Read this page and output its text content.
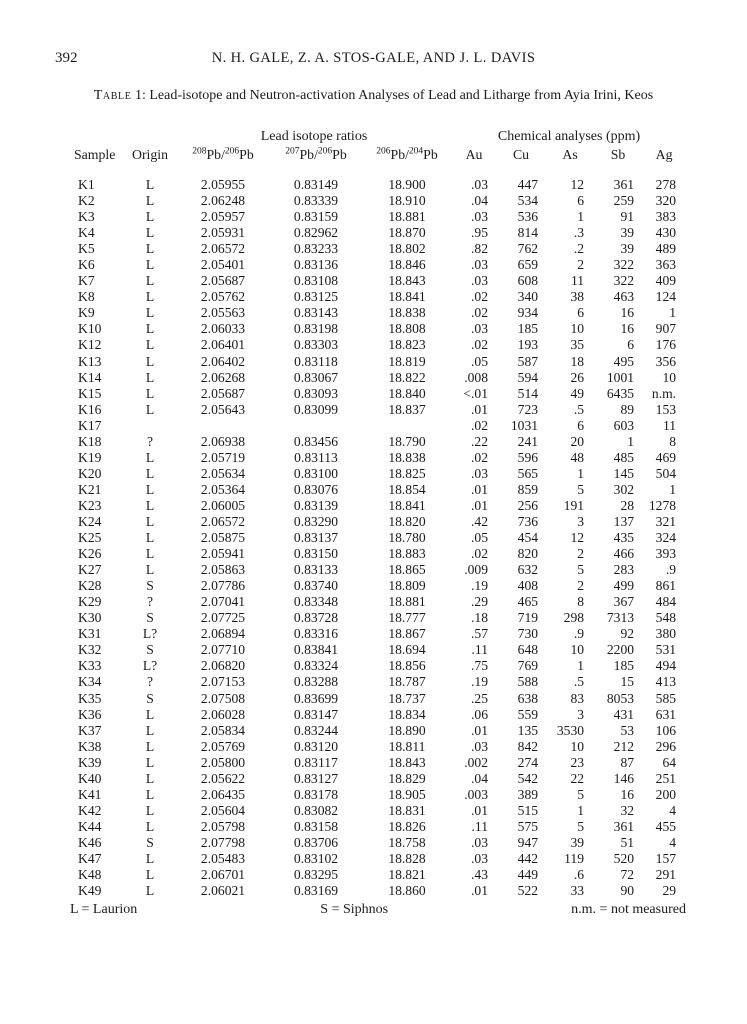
392	N. H. GALE, Z. A. STOS-GALE, AND J. L. DAVIS
Table 1: Lead-isotope and Neutron-activation Analyses of Lead and Litharge from Ayia Irini, Keos
		Lead isotope ratios			Chemical analyses (ppm)				
Sample	Origin	$^{208}$Pb/$^{206}$Pb	$^{207}$Pb/$^{206}$Pb	$^{206}$Pb/$^{204}$Pb	Au	Cu	As	Sb	Ag
K1	L	2.05955	0.83149	18.900	.03	447	12	361	278
K2	L	2.06248	0.83339	18.910	.04	534	6	259	320
K3	L	2.05957	0.83159	18.881	.03	536	1	91	383
K4	L	2.05931	0.82962	18.870	.95	814	.3	39	430
K5	L	2.06572	0.83233	18.802	.82	762	.2	39	489
K6	L	2.05401	0.83136	18.846	.03	659	2	322	363
K7	L	2.05687	0.83108	18.843	.03	608	11	322	409
K8	L	2.05762	0.83125	18.841	.02	340	38	463	124
K9	L	2.05563	0.83143	18.838	.02	934	6	16	1
K10	L	2.06033	0.83198	18.808	.03	185	10	16	907
K12	L	2.06401	0.83303	18.823	.02	193	35	6	176
K13	L	2.06402	0.83118	18.819	.05	587	18	495	356
K14	L	2.06268	0.83067	18.822	.008	594	26	1001	10
K15	L	2.05687	0.83093	18.840	<.01	514	49	6435	n.m.
K16	L	2.05643	0.83099	18.837	.01	723	.5	89	153
K17					.02	1031	6	603	11
K18	?	2.06938	0.83456	18.790	.22	241	20	1	8
K19	L	2.05719	0.83113	18.838	.02	596	48	485	469
K20	L	2.05634	0.83100	18.825	.03	565	1	145	504
K21	L	2.05364	0.83076	18.854	.01	859	5	302	1
K23	L	2.06005	0.83139	18.841	.01	256	191	28	1278
K24	L	2.06572	0.83290	18.820	.42	736	3	137	321
K25	L	2.05875	0.83137	18.780	.05	454	12	435	324
K26	L	2.05941	0.83150	18.883	.02	820	2	466	393
K27	L	2.05863	0.83133	18.865	.009	632	5	283	.9
K28	S	2.07786	0.83740	18.809	.19	408	2	499	861
K29	?	2.07041	0.83348	18.881	.29	465	8	367	484
K30	S	2.07725	0.83728	18.777	.18	719	298	7313	548
K31	L?	2.06894	0.83316	18.867	.57	730	.9	92	380
K32	S	2.07710	0.83841	18.694	.11	648	10	2200	531
K33	L?	2.06820	0.83324	18.856	.75	769	1	185	494
K34	?	2.07153	0.83288	18.787	.19	588	.5	15	413
K35	S	2.07508	0.83699	18.737	.25	638	83	8053	585
K36	L	2.06028	0.83147	18.834	.06	559	3	431	631
K37	L	2.05834	0.83244	18.890	.01	135	3530	53	106
K38	L	2.05769	0.83120	18.811	.03	842	10	212	296
K39	L	2.05800	0.83117	18.843	.002	274	23	87	64
K40	L	2.05622	0.83127	18.829	.04	542	22	146	251
K41	L	2.06435	0.83178	18.905	.003	389	5	16	200
K42	L	2.05604	0.83082	18.831	.01	515	1	32	4
K44	L	2.05798	0.83158	18.826	.11	575	5	361	455
K46	S	2.07798	0.83706	18.758	.03	947	39	51	4
K47	L	2.05483	0.83102	18.828	.03	442	119	520	157
K48	L	2.06701	0.83295	18.821	.43	449	.6	72	291
K49	L	2.06021	0.83169	18.860	.01	522	33	90	29
L = Laurion	S = Siphnos	n.m. = not measured
